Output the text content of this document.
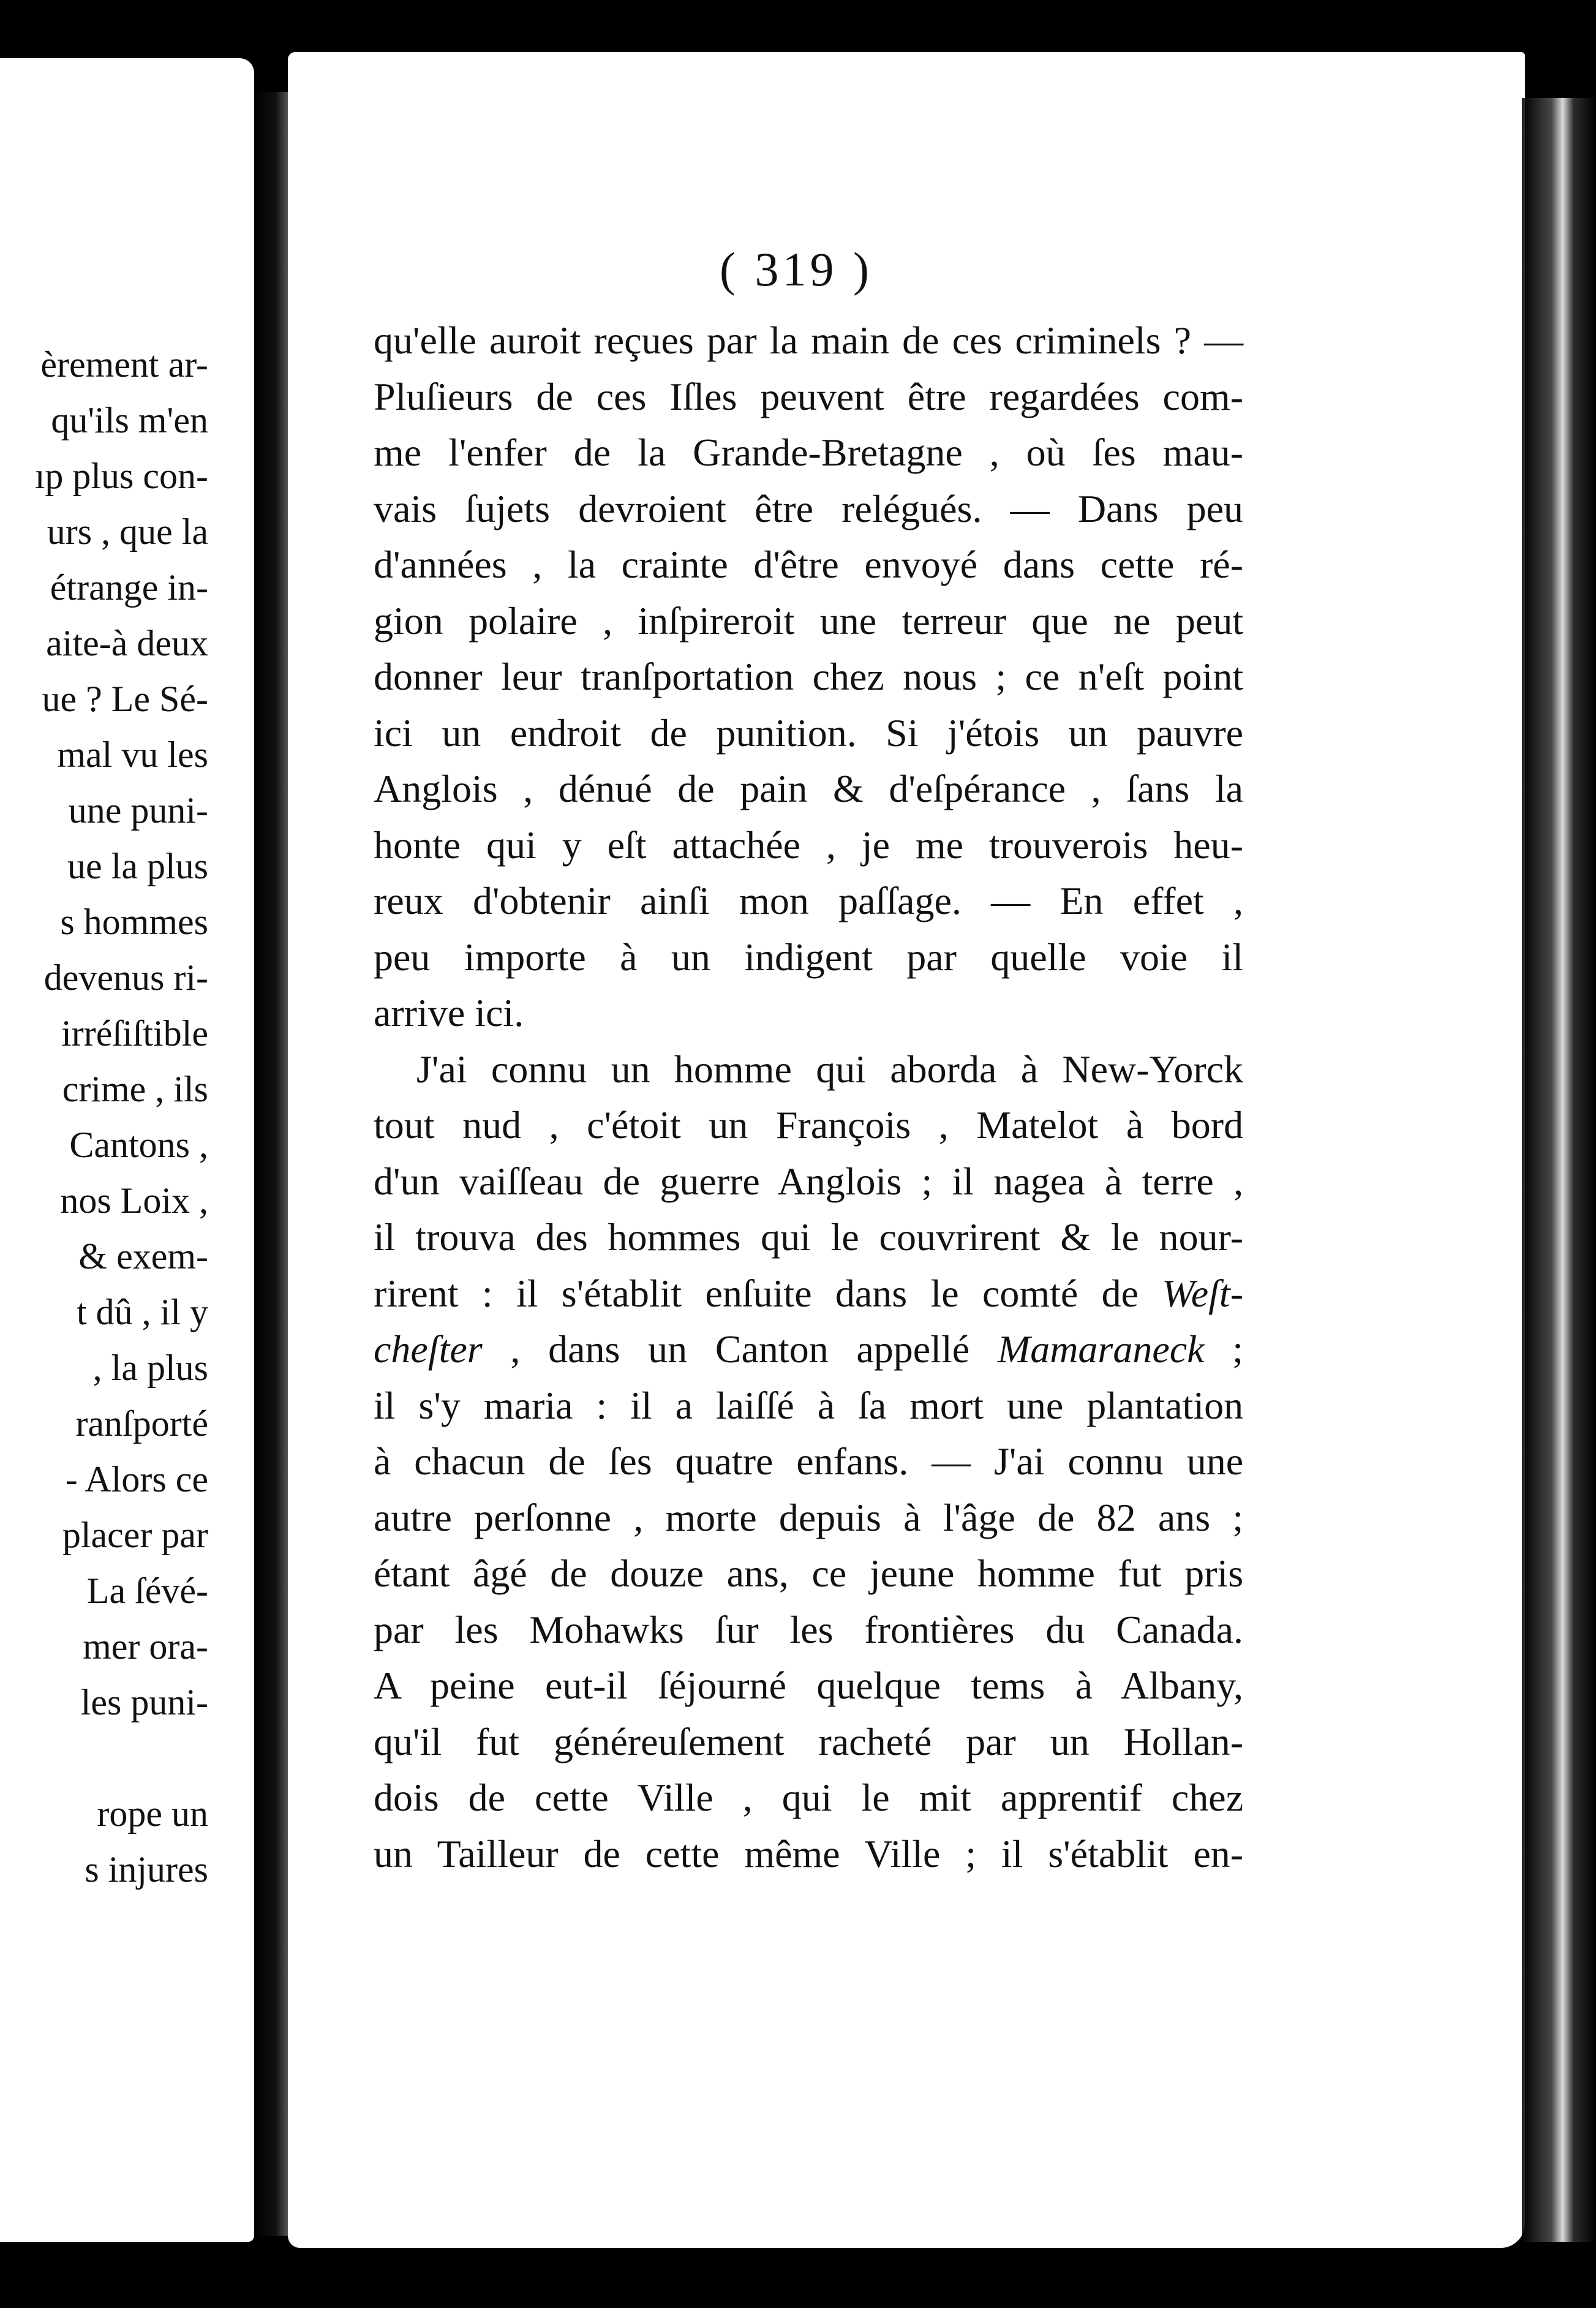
èrement ar-
qu'ils m'en
ıp plus con-
urs , que la
étrange in-
aite-à deux
ue ? Le Sé-
mal vu les
une puni-
ue la plus
s hommes
devenus ri-
irréſiſtible
crime , ils
Cantons ,
nos Loix ,
& exem-
t dû , il y
, la plus
ranſporté
- Alors ce
placer par
La ſévé-
mer ora-
les puni-
rope un
s injures
( 319 )
qu'elle auroit reçues par la main de ces criminels ? —
Pluſieurs de ces Iſles peuvent être regardées com-
me l'enfer de la Grande-Bretagne , où ſes mau-
vais ſujets devroient être relégués. — Dans peu
d'années , la crainte d'être envoyé dans cette ré-
gion polaire , inſpireroit une terreur que ne peut
donner leur tranſportation chez nous ; ce n'eſt point
ici un endroit de punition. Si j'étois un pauvre
Anglois , dénué de pain & d'eſpérance , ſans la
honte qui y eſt attachée , je me trouverois heu-
reux d'obtenir ainſi mon paſſage. — En effet ,
peu importe à un indigent par quelle voie il
arrive ici.
J'ai connu un homme qui aborda à New-Yorck
tout nud , c'étoit un François , Matelot à bord
d'un vaiſſeau de guerre Anglois ; il nagea à terre ,
il trouva des hommes qui le couvrirent & le nour-
rirent : il s'établit enſuite dans le comté de Weſt-
cheſter , dans un Canton appellé Mamaraneck ;
il s'y maria : il a laiſſé à ſa mort une plantation
à chacun de ſes quatre enfans. — J'ai connu une
autre perſonne , morte depuis à l'âge de 82 ans ;
étant âgé de douze ans, ce jeune homme fut pris
par les Mohawks ſur les frontières du Canada.
A peine eut-il ſéjourné quelque tems à Albany,
qu'il fut généreuſement racheté par un Hollan-
dois de cette Ville , qui le mit apprentif chez
un Tailleur de cette même Ville ; il s'établit en-
